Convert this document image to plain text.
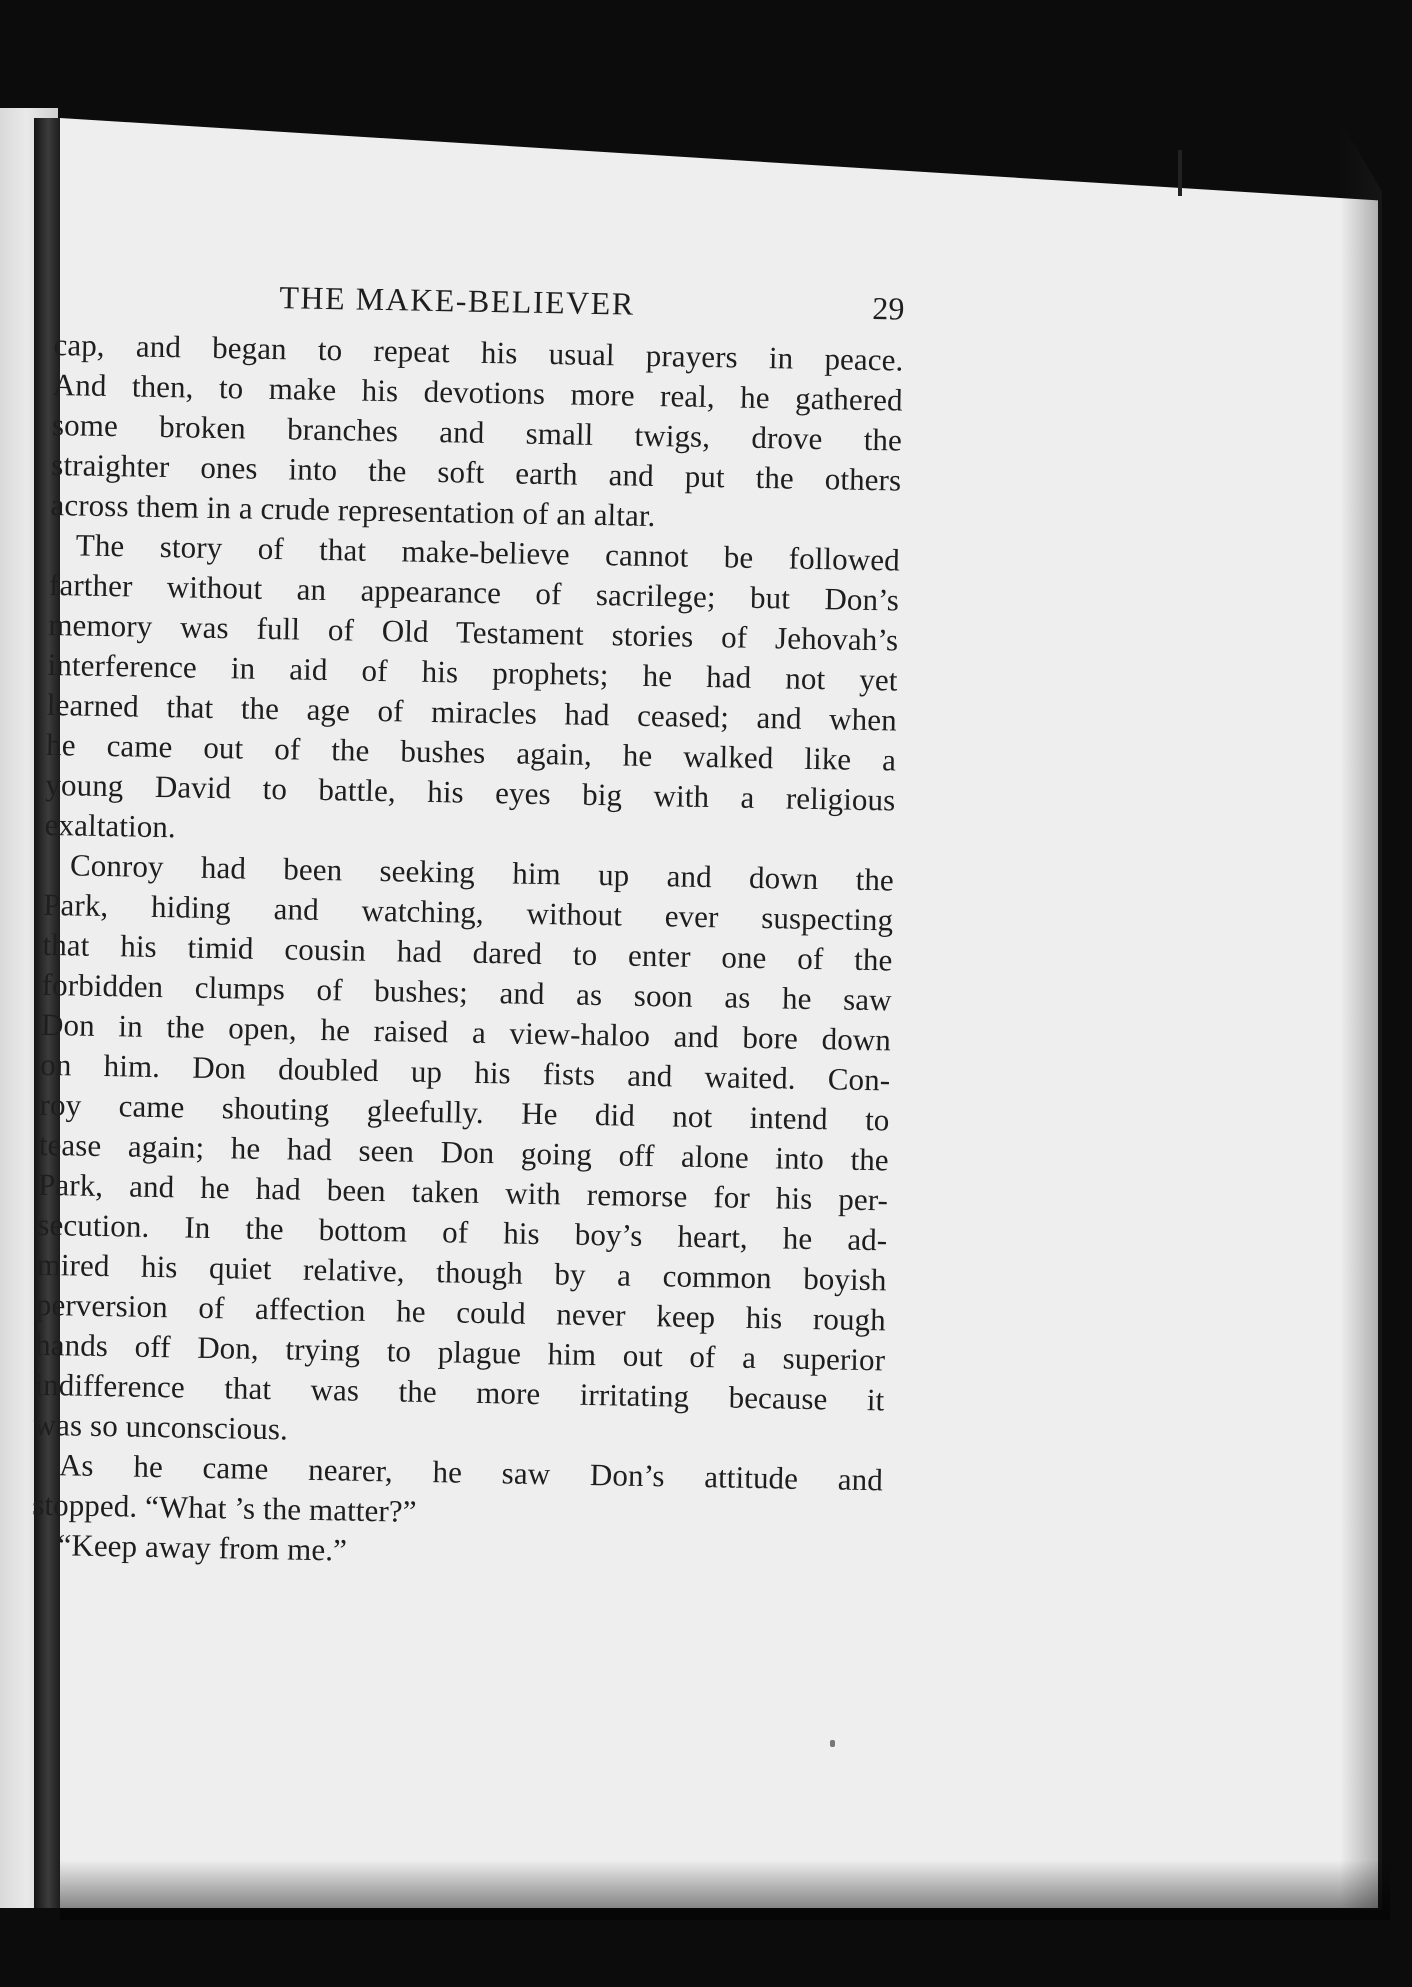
THE MAKE-BELIEVER	29

cap, and began to repeat his usual prayers in peace.
And then, to make his devotions more real, he gathered
some broken branches and small twigs, drove the
straighter ones into the soft earth and put the others
across them in a crude representation of an altar.

The story of that make-believe cannot be followed
farther without an appearance of sacrilege; but Don’s
memory was full of Old Testament stories of Jehovah’s
interference in aid of his prophets; he had not yet
learned that the age of miracles had ceased; and when
he came out of the bushes again, he walked like a
young David to battle, his eyes big with a religious
exaltation.

Conroy had been seeking him up and down the
Park, hiding and watching, without ever suspecting
that his timid cousin had dared to enter one of the
forbidden clumps of bushes; and as soon as he saw
Don in the open, he raised a view-haloo and bore down
on him. Don doubled up his fists and waited. Con-
roy came shouting gleefully. He did not intend to
tease again; he had seen Don going off alone into the
Park, and he had been taken with remorse for his per-
secution. In the bottom of his boy’s heart, he ad-
mired his quiet relative, though by a common boyish
perversion of affection he could never keep his rough
hands off Don, trying to plague him out of a superior
indifference that was the more irritating because it
was so unconscious.

As he came nearer, he saw Don’s attitude and
stopped. “What ’s the matter?”

“Keep away from me.”
